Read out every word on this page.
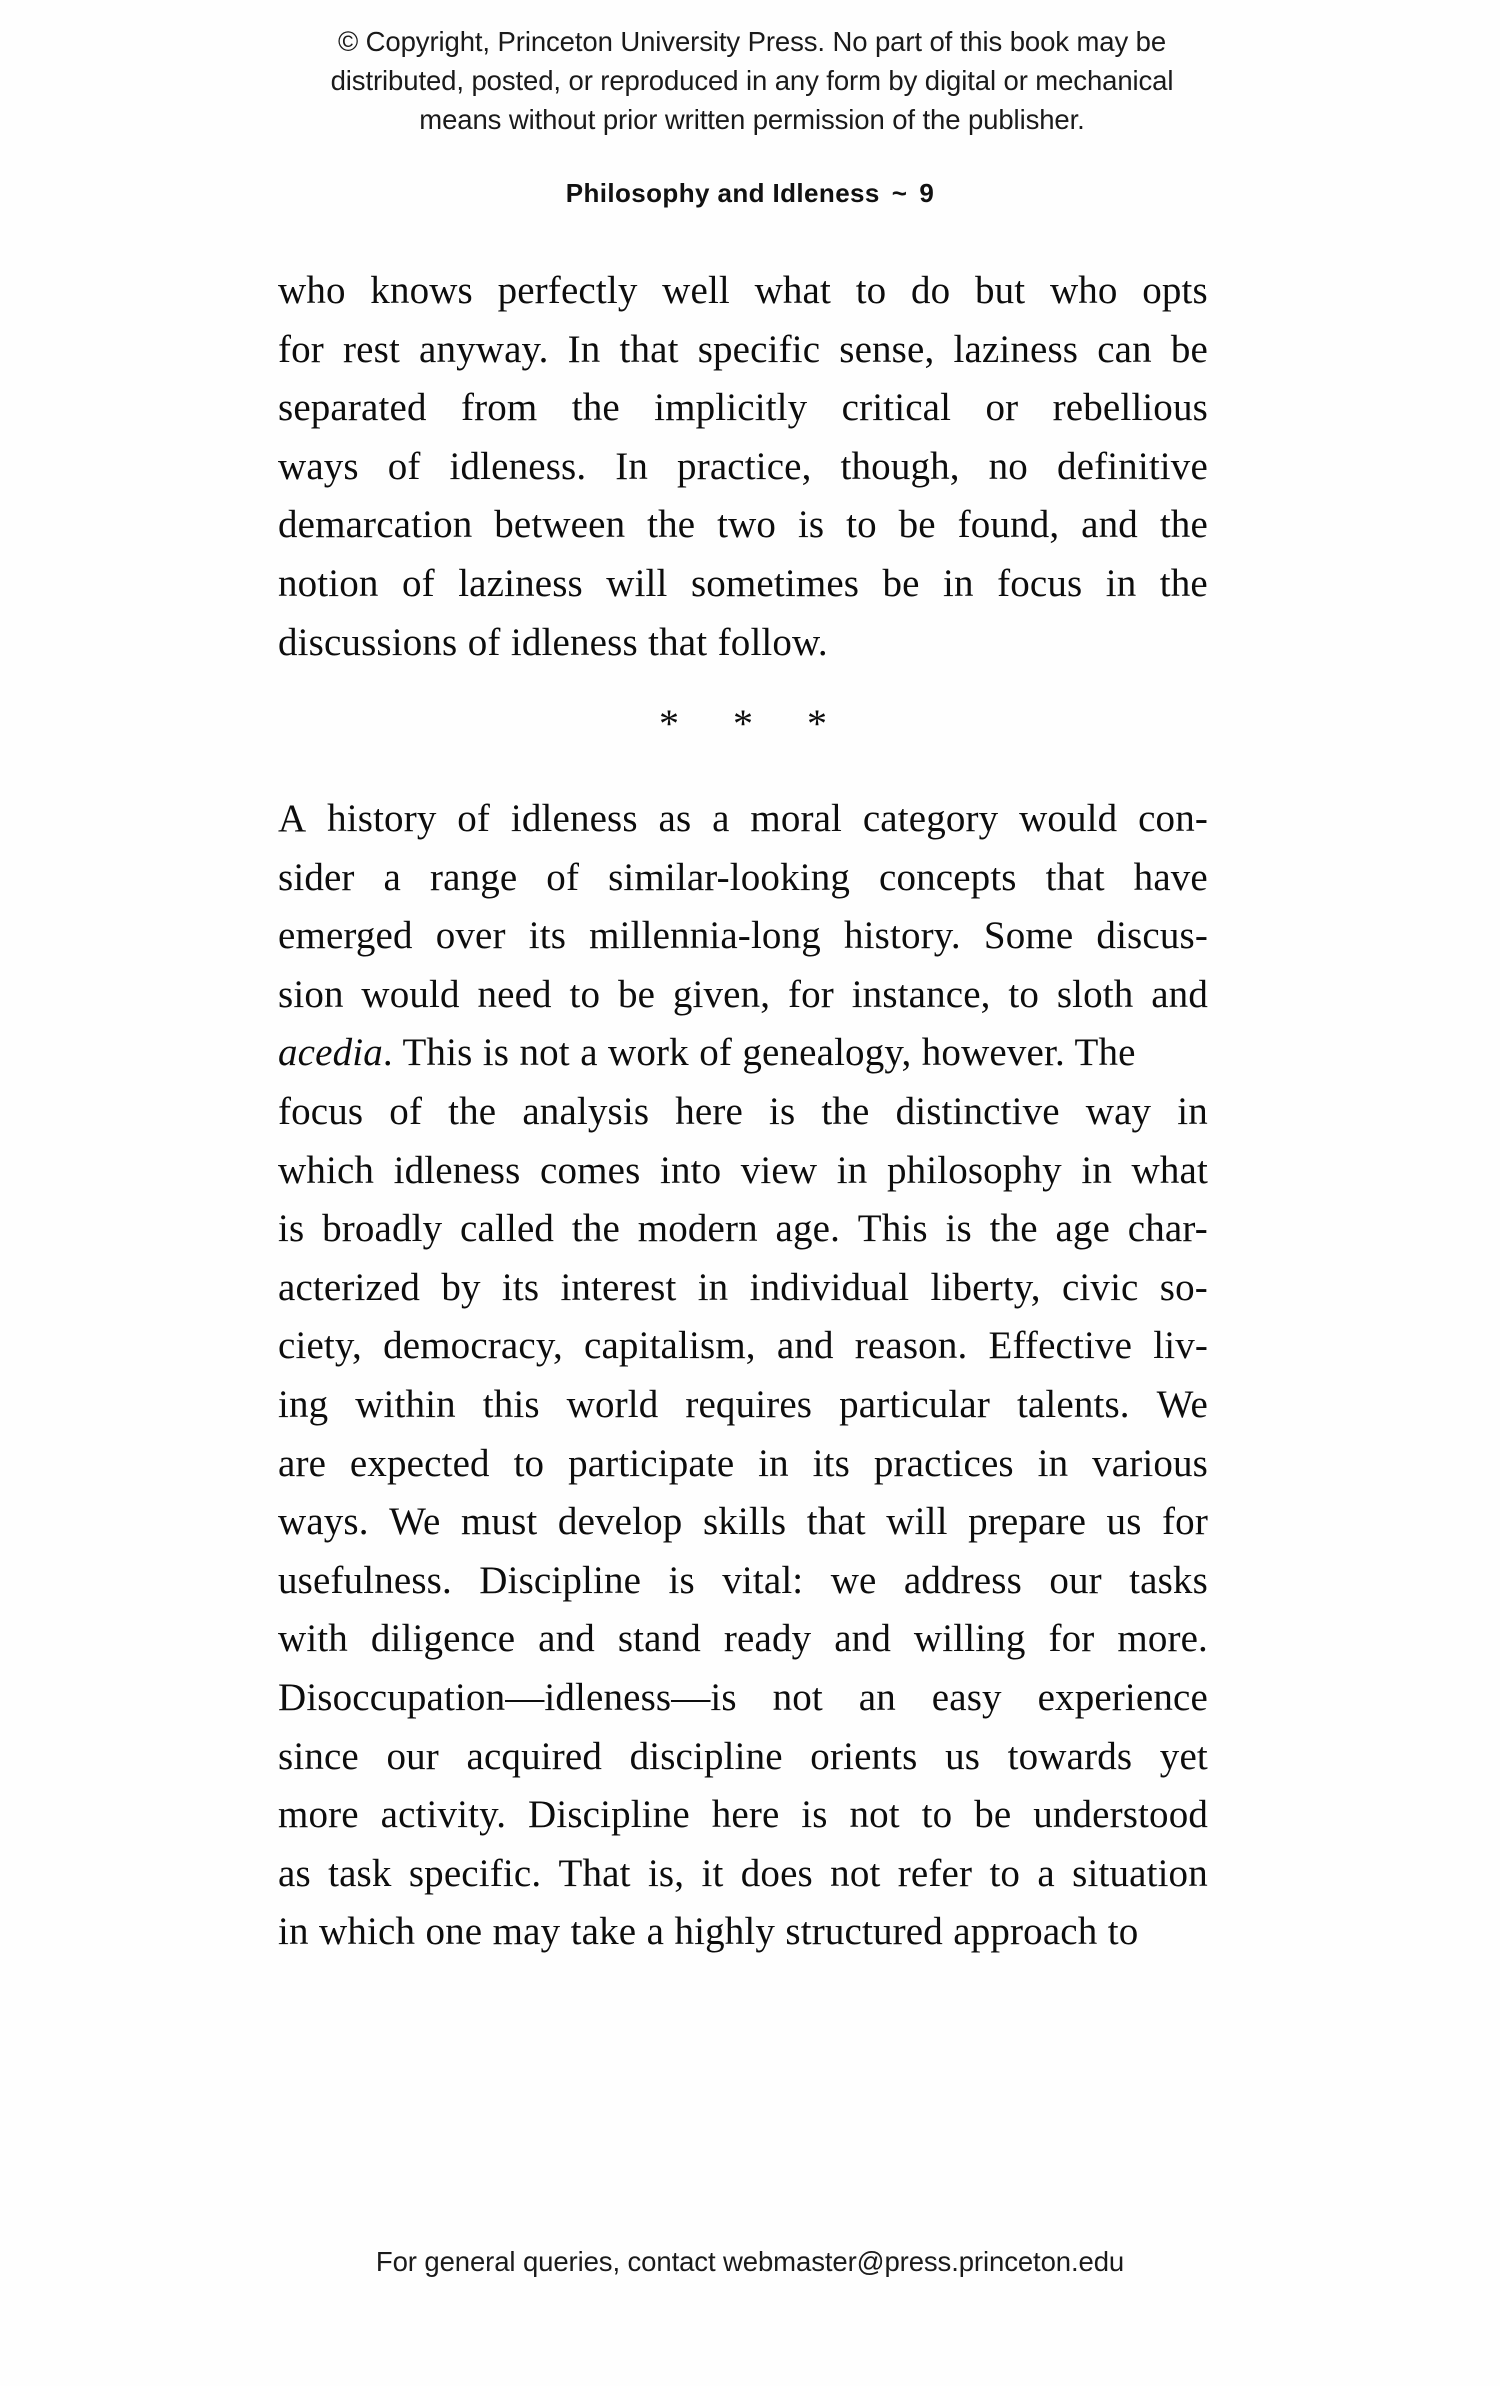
© Copyright, Princeton University Press. No part of this book may be
distributed, posted, or reproduced in any form by digital or mechanical
means without prior written permission of the publisher.
Philosophy and Idleness ~ 9

who knows perfectly well what to do but who opts
for rest anyway. In that specific sense, laziness can be
separated from the implicitly critical or rebellious
ways of idleness. In practice, though, no definitive
demarcation between the two is to be found, and the
notion of laziness will sometimes be in focus in the
discussions of idleness that follow.

* * *

A history of idleness as a moral category would con-
sider a range of similar-looking concepts that have
emerged over its millennia-long history. Some discus-
sion would need to be given, for instance, to sloth and
acedia. This is not a work of genealogy, however. The
focus of the analysis here is the distinctive way in
which idleness comes into view in philosophy in what
is broadly called the modern age. This is the age char-
acterized by its interest in individual liberty, civic so-
ciety, democracy, capitalism, and reason. Effective liv-
ing within this world requires particular talents. We
are expected to participate in its practices in various
ways. We must develop skills that will prepare us for
usefulness. Discipline is vital: we address our tasks
with diligence and stand ready and willing for more.
Disoccupation—idleness—is not an easy experience
since our acquired discipline orients us towards yet
more activity. Discipline here is not to be understood
as task specific. That is, it does not refer to a situation
in which one may take a highly structured approach to

For general queries, contact webmaster@press.princeton.edu
